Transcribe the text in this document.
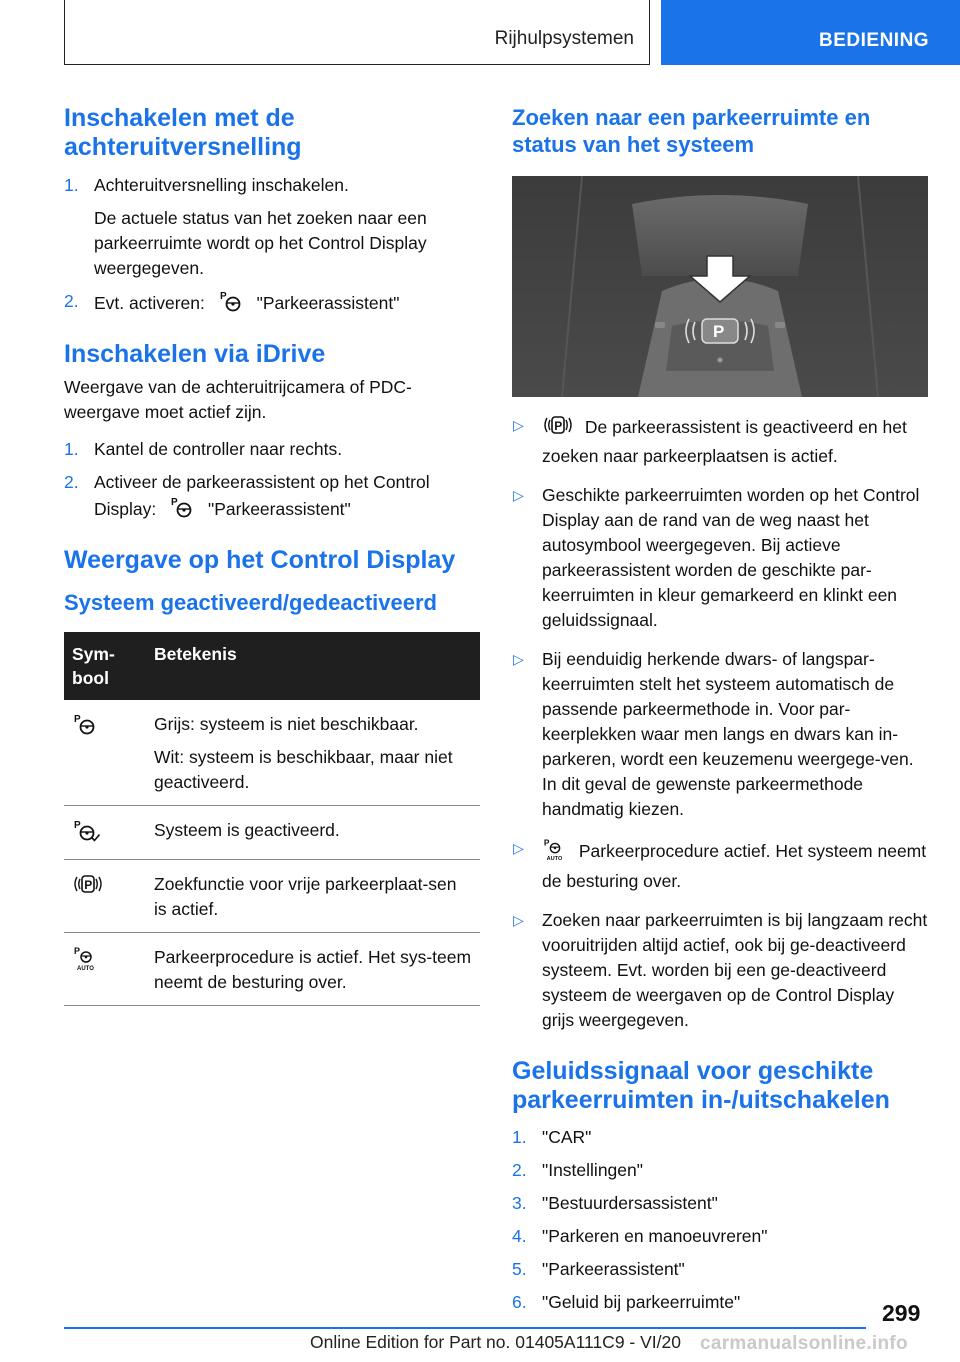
Rijhulpsystemen	BEDIENING
Inschakelen met de achteruitversnelling
1. Achteruitversnelling inschakelen.

De actuele status van het zoeken naar een parkeerruimte wordt op het Control Display weergegeven.

2. Evt. activeren: P "Parkeerassistent"
Inschakelen via iDrive

Weergave van de achteruitrijcamera of PDC-weergave moet actief zijn.

1. Kantel de controller naar rechts.
2. Activeer de parkeerassistent op het Control Display: P "Parkeerassistent"
Weergave op het Control Display
Systeem geactiveerd/gedeactiveerd
Sym-
bool	Betekenis

P	Grijs: systeem is niet beschikbaar.

Wit: systeem is beschikbaar, maar niet geactiveerd.

P	Systeem is geactiveerd.

P	Zoekfunctie voor vrije parkeerplaat-sen is actief.

P
AUTO	Parkeerprocedure is actief. Het sys-teem neemt de besturing over.

Zoeken naar een parkeerruimte en status van het systeem
P
▷	P De parkeerassistent is geactiveerd en het zoeken naar parkeerplaatsen is actief.
▷ Geschikte parkeerruimten worden op het Control Display aan de rand van de weg naast het autosymbool weergegeven. Bij actieve parkeerassistent worden de geschikte par-keerruimten in kleur gemarkeerd en klinkt een geluidssignaal.
▷ Bij eenduidig herkende dwars- of langspar-keerruimten stelt het systeem automatisch de passende parkeermethode in. Voor par-keerplekken waar men langs en dwars kan in-parkeren, wordt een keuzemenu weergege-ven. In dit geval de gewenste parkeermethode handmatig kiezen.
▷ P
AUTO Parkeerprocedure actief. Het systeem neemt de besturing over.
▷ Zoeken naar parkeerruimten is bij langzaam recht vooruitrijden altijd actief, ook bij ge-deactiveerd systeem. Evt. worden bij een ge-deactiveerd systeem de weergaven op de Control Display grijs weergegeven.
Geluidssignaal voor geschikte parkeerruimten in-/uitschakelen
1. "CAR"
2. "Instellingen"
3. "Bestuurdersassistent"
4. "Parkeren en manoeuvreren"
5. "Parkeerassistent"
6. "Geluid bij parkeerruimte"	299
Online Edition for Part no. 01405A111C9 - VI/20 carmanualsonline.info
